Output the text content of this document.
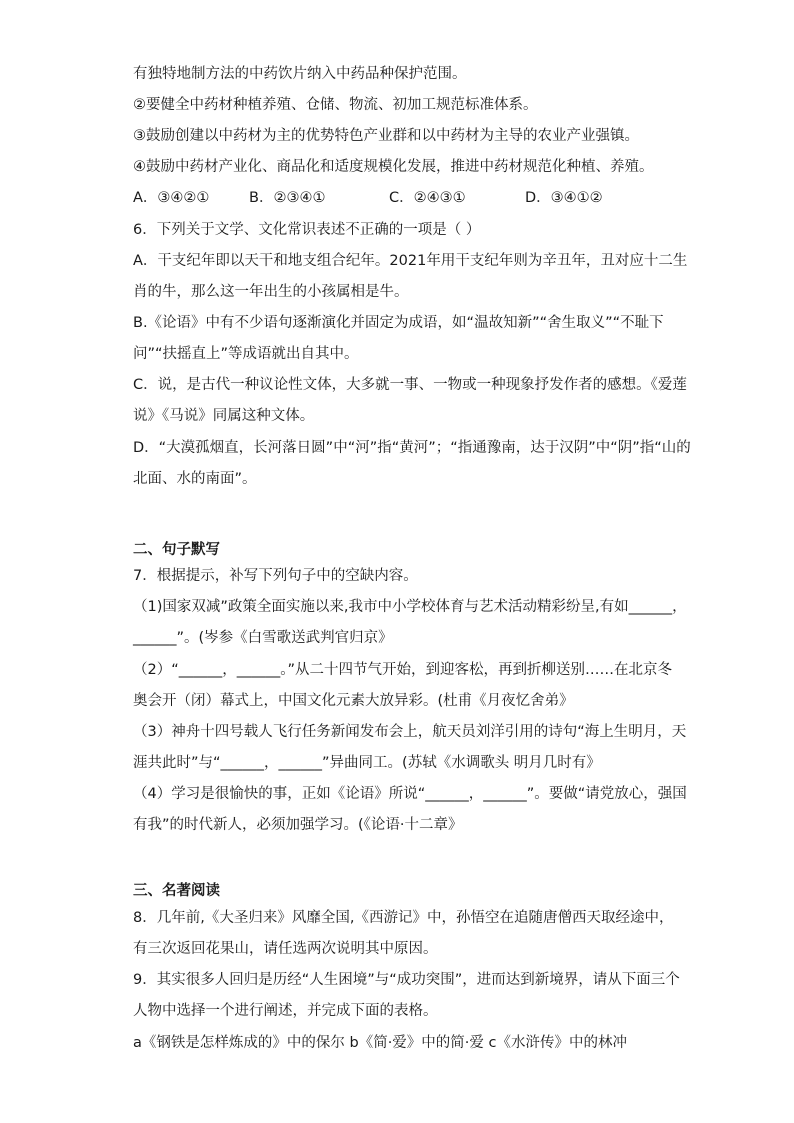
有独特地制方法的中药饮片纳入中药品种保护范围。
②要健全中药材种植养殖、仓储、物流、初加工规范标准体系。
③鼓励创建以中药材为主的优势特色产业群和以中药材为主导的农业产业强镇。
④鼓励中药材产业化、商品化和适度规模化发展，推进中药材规范化种植、养殖。
A．③④②①	B．②③④①	C．②④③①	D．③④①②
6．下列关于文学、文化常识表述不正确的一项是（ ）
A．干支纪年即以天干和地支组合纪年。2021年用干支纪年则为辛丑年，丑对应十二生
肖的牛，那么这一年出生的小孩属相是牛。
B.《论语》中有不少语句逐渐演化并固定为成语，如“温故知新”“舍生取义”“不耻下
问”“扶摇直上”等成语就出自其中。
C．说，是古代一种议论性文体，大多就一事、一物或一种现象抒发作者的感想。《爱莲
说》《马说》同属这种文体。
D．“大漠孤烟直，长河落日圆”中“河”指“黄河”；“指通豫南，达于汉阴”中“阴”指“山的
北面、水的南面”。
二、句子默写
7．根据提示，补写下列句子中的空缺内容。
（1)国家双减”政策全面实施以来,我市中小学校体育与艺术活动精彩纷呈,有如______，
______”。(岑参《白雪歌送武判官归京》
（2）“______，______。”从二十四节气开始，到迎客松，再到折柳送别……在北京冬
奥会开（闭）幕式上，中国文化元素大放异彩。(杜甫《月夜忆舍弟》
（3）神舟十四号载人飞行任务新闻发布会上，航天员刘洋引用的诗句“海上生明月，天
涯共此时”与“______，______”异曲同工。(苏轼《水调歌头 明月几时有》
（4）学习是很愉快的事，正如《论语》所说“______，______”。要做“请党放心，强国
有我”的时代新人，必须加强学习。(《论语·十二章》
三、名著阅读
8．几年前,《大圣归来》风靡全国,《西游记》中，孙悟空在追随唐僧西天取经途中，
有三次返回花果山，请任选两次说明其中原因。
9．其实很多人回归是历经“人生困境”与“成功突围”，进而达到新境界，请从下面三个
人物中选择一个进行阐述，并完成下面的表格。
a《钢铁是怎样炼成的》中的保尔 b《简·爱》中的简·爱 c《水浒传》中的林冲
